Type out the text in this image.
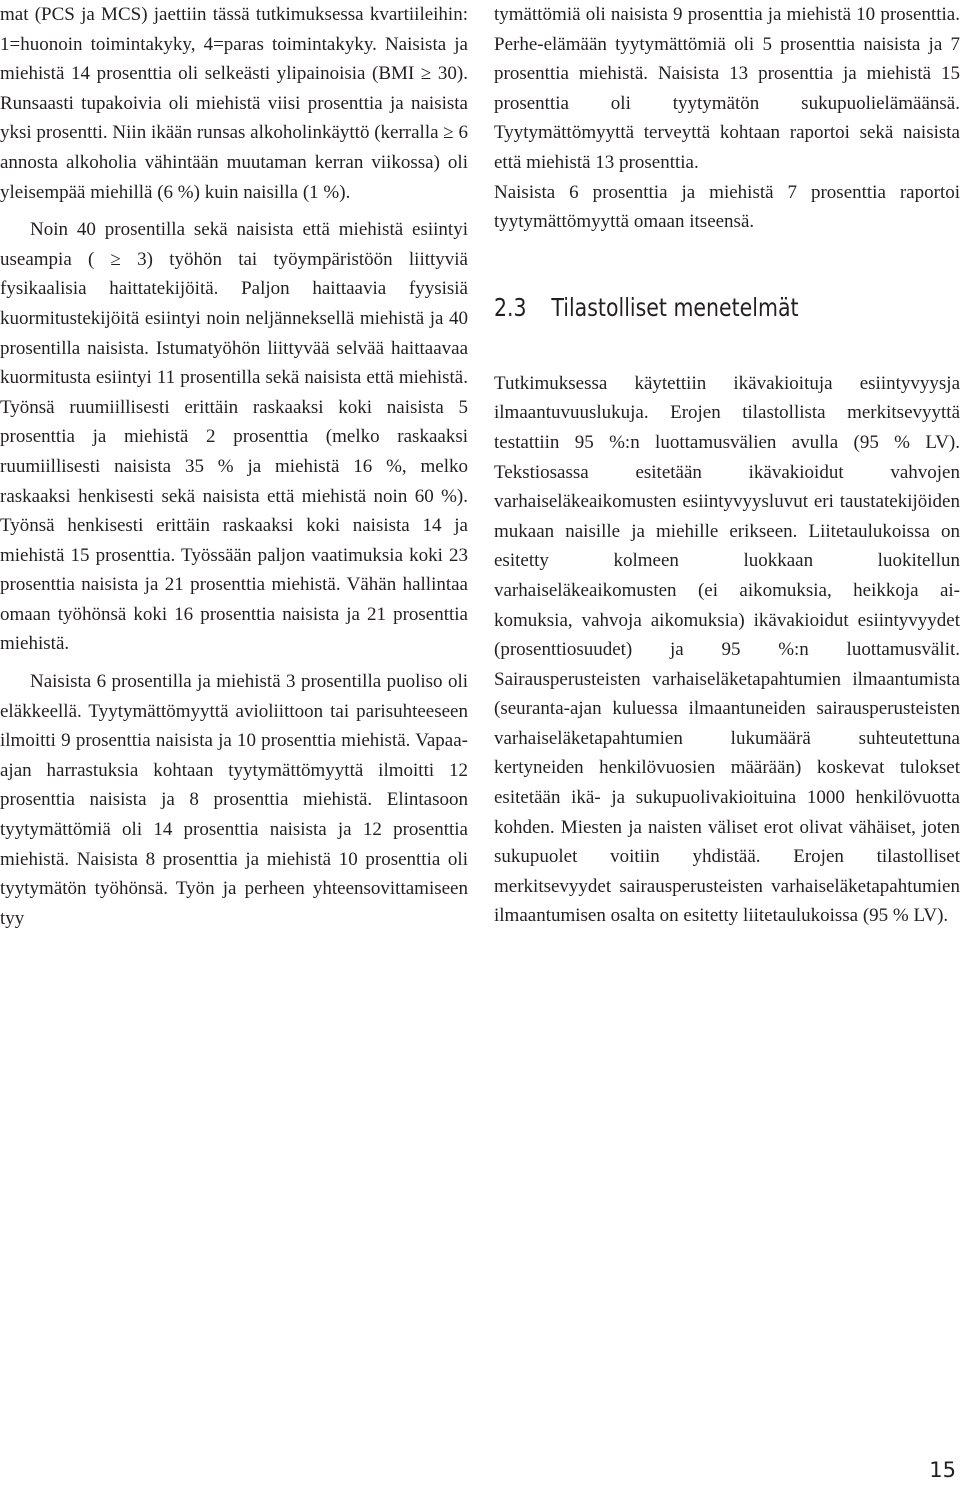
mat (PCS ja MCS) jaettiin tässä tutkimuksessa kvartiileihin: 1=huonoin toimintakyky, 4=paras toimintakyky. Naisista ja miehistä 14 prosenttia oli selkeästi ylipainoisia (BMI ≥ 30). Runsaasti tupakoivia oli miehistä viisi prosenttia ja naisista yksi prosentti. Niin ikään runsas alkoholinkäyttö (kerralla ≥ 6 annosta alkoholia vähintään muutaman kerran viikossa) oli yleisempää miehillä (6 %) kuin naisilla (1 %).

Noin 40 prosentilla sekä naisista että miehistä esiintyi useampia ( ≥ 3) työhön tai työympäristöön liittyviä fysikaalisia haittatekijöitä. Paljon haittaavia fyysisiä kuormitustekijöitä esiintyi noin neljänneksellä miehistä ja 40 prosentilla naisista. Istumatyöhön liittyvää selvää haittaavaa kuormitusta esiintyi 11 prosentilla sekä naisista että miehistä. Työnsä ruumiillisesti erittäin raskaaksi koki naisista 5 prosenttia ja miehistä 2 prosenttia (melko raskaaksi ruumiillisesti naisista 35 % ja miehistä 16 %, melko raskaaksi henkisesti sekä naisista että miehistä noin 60 %). Työnsä henkisesti erittäin raskaaksi koki naisista 14 ja miehistä 15 prosenttia. Työssään paljon vaatimuksia koki 23 prosenttia naisista ja 21 prosenttia miehistä. Vähän hallintaa omaan työhönsä koki 16 prosenttia naisista ja 21 prosenttia miehistä.

Naisista 6 prosentilla ja miehistä 3 prosentilla puoliso oli eläkkeellä. Tyytymättömyyttä avioliittoon tai parisuhteeseen ilmoitti 9 prosenttia naisista ja 10 prosenttia miehistä. Vapaa-ajan harrastuksia kohtaan tyytymättömyyttä ilmoitti 12 prosenttia naisista ja 8 prosenttia miehistä. Elintasoon tyytymättömiä oli 14 prosenttia naisista ja 12 prosenttia miehistä. Naisista 8 prosenttia ja miehistä 10 prosenttia oli tyytymätön työhönsä. Työn ja perheen yhteensovittamiseen tyy

tymättömiä oli naisista 9 prosenttia ja miehistä 10 prosenttia. Perhe-elämään tyytymättömiä oli 5 prosenttia naisista ja 7 prosenttia miehistä. Naisista 13 prosenttia ja miehistä 15 prosenttia oli tyytymätön sukupuolielämäänsä. Tyytymättömyyttä terveyttä kohtaan raportoi sekä naisista että miehistä 13 prosenttia.

Naisista 6 prosenttia ja miehistä 7 prosenttia raportoi tyytymättömyyttä omaan itseensä.

2.3 Tilastolliset menetelmät

Tutkimuksessa käytettiin ikävakioituja esiintyvyysja ilmaantuvuuslukuja. Erojen tilastollista merkitsevyyttä testattiin 95 %:n luottamusvälien avulla (95 % LV). Tekstiosassa esitetään ikävakioidut vahvojen varhaiseläkeaikomusten esiintyvyysluvut eri taustatekijöiden mukaan naisille ja miehille erikseen. Liitetaulukoissa on esitetty kolmeen luokkaan luokitellun varhaiseläkeaikomusten (ei aikomuksia, heikkoja aikomuksia, vahvoja aikomuksia) ikävakioidut esiintyvyydet (prosenttiosuudet) ja 95 %:n luottamusvälit. Sairausperusteisten varhaiseläketapahtumien ilmaantumista (seuranta-ajan kuluessa ilmaantuneiden sairausperusteisten varhaiseläketapahtumien lukumäärä suhteutettuna kertyneiden henkilövuosien määrään) koskevat tulokset esitetään ikä- ja sukupuolivakioituina 1000 henkilövuotta kohden. Miesten ja naisten väliset erot olivat vähäiset, joten sukupuolet voitiin yhdistää. Erojen tilastolliset merkitsevyydet sairausperusteisten varhaiseläketapahtumien ilmaantumisen osalta on esitetty liitetaulukoissa (95 % LV).

15
